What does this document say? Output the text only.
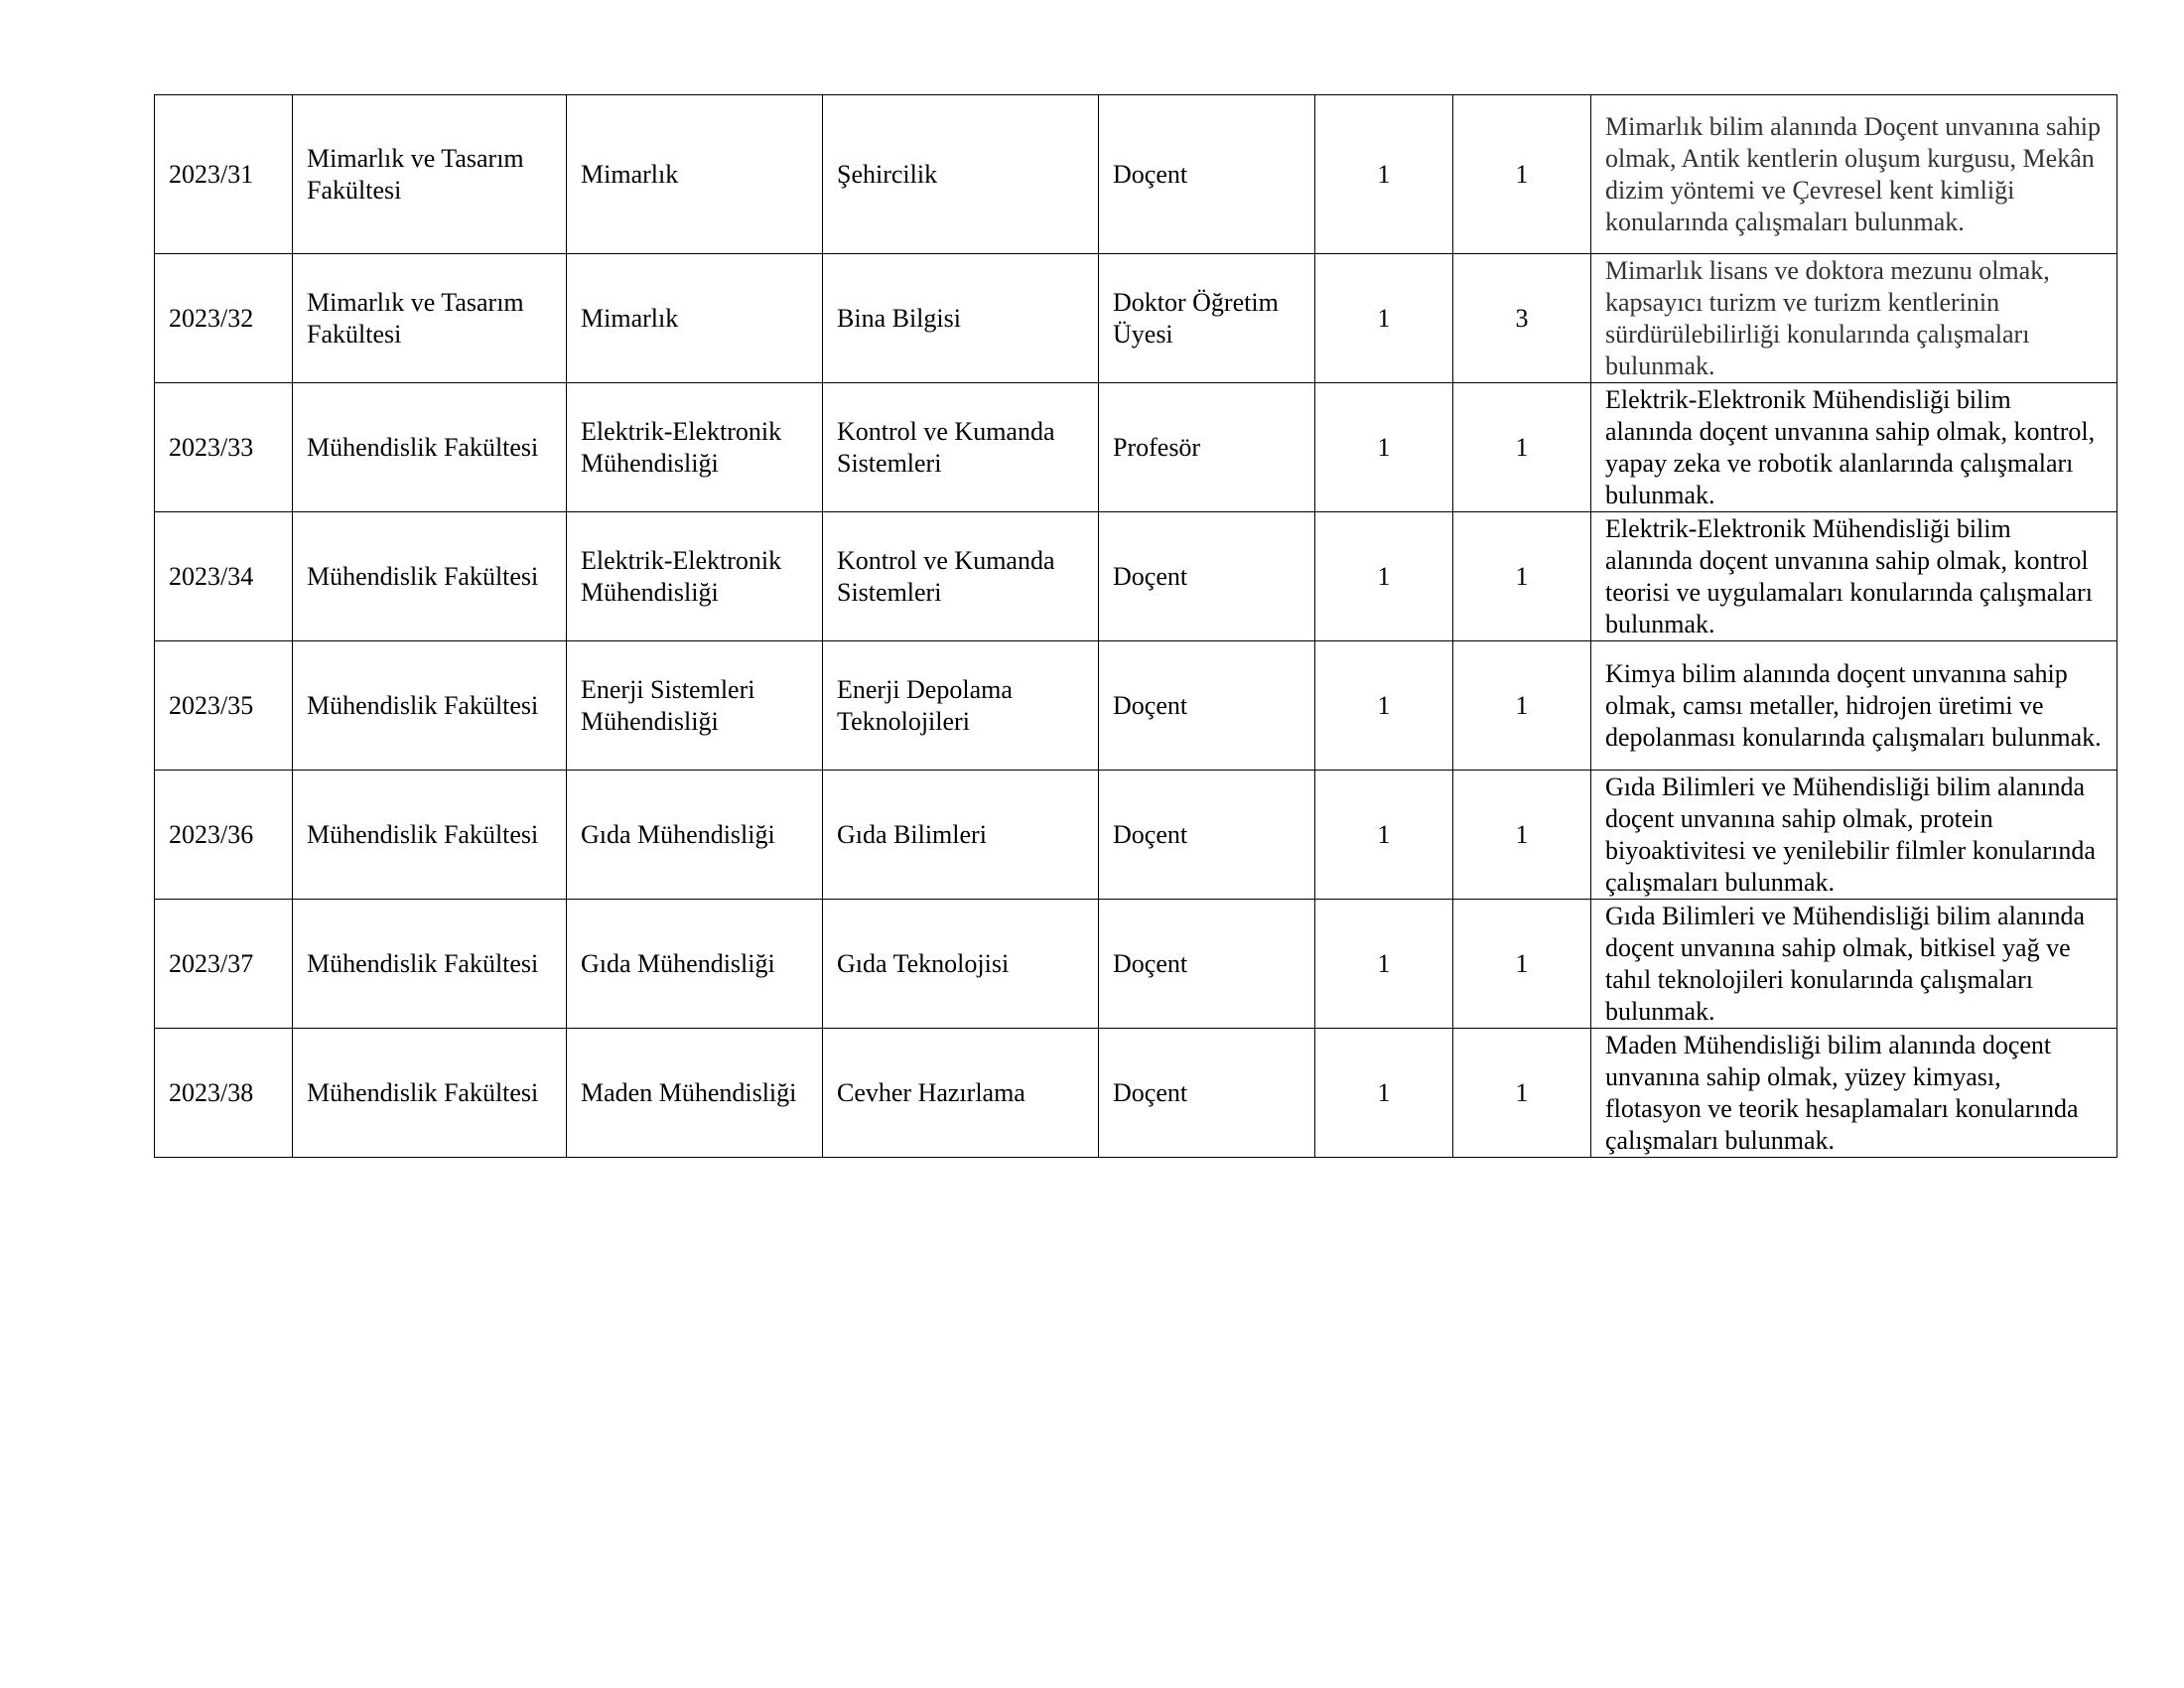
2023/31	Mimarlık ve Tasarım Fakültesi	Mimarlık	Şehircilik	Doçent	1	1	Mimarlık bilim alanında Doçent unvanına sahip olmak, Antik kentlerin oluşum kurgusu, Mekân dizim yöntemi ve Çevresel kent kimliği konularında çalışmaları bulunmak.
2023/32	Mimarlık ve Tasarım Fakültesi	Mimarlık	Bina Bilgisi	Doktor Öğretim Üyesi	1	3	Mimarlık lisans ve doktora mezunu olmak, kapsayıcı turizm ve turizm kentlerinin sürdürülebilirliği konularında çalışmaları bulunmak.
2023/33	Mühendislik Fakültesi	Elektrik-Elektronik Mühendisliği	Kontrol ve Kumanda Sistemleri	Profesör	1	1	Elektrik-Elektronik Mühendisliği bilim alanında doçent unvanına sahip olmak, kontrol, yapay zeka ve robotik alanlarında çalışmaları bulunmak.
2023/34	Mühendislik Fakültesi	Elektrik-Elektronik Mühendisliği	Kontrol ve Kumanda Sistemleri	Doçent	1	1	Elektrik-Elektronik Mühendisliği bilim alanında doçent unvanına sahip olmak, kontrol teorisi ve uygulamaları konularında çalışmaları bulunmak.
2023/35	Mühendislik Fakültesi	Enerji Sistemleri Mühendisliği	Enerji Depolama Teknolojileri	Doçent	1	1	Kimya bilim alanında doçent unvanına sahip olmak, camsı metaller, hidrojen üretimi ve depolanması konularında çalışmaları bulunmak.
2023/36	Mühendislik Fakültesi	Gıda Mühendisliği	Gıda Bilimleri	Doçent	1	1	Gıda Bilimleri ve Mühendisliği bilim alanında doçent unvanına sahip olmak, protein biyoaktivitesi ve yenilebilir filmler konularında çalışmaları bulunmak.
2023/37	Mühendislik Fakültesi	Gıda Mühendisliği	Gıda Teknolojisi	Doçent	1	1	Gıda Bilimleri ve Mühendisliği bilim alanında doçent unvanına sahip olmak, bitkisel yağ ve tahıl teknolojileri konularında çalışmaları bulunmak.
2023/38	Mühendislik Fakültesi	Maden Mühendisliği	Cevher Hazırlama	Doçent	1	1	Maden Mühendisliği bilim alanında doçent unvanına sahip olmak, yüzey kimyası, flotasyon ve teorik hesaplamaları konularında çalışmaları bulunmak.
